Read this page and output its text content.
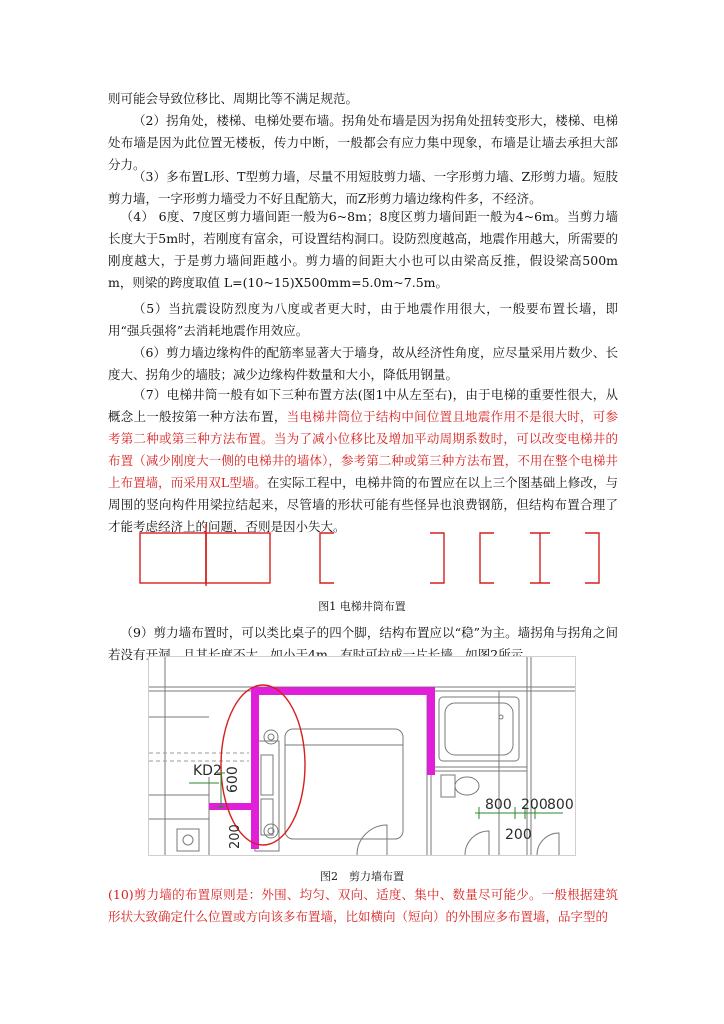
则可能会导致位移比、周期比等不满足规范。

（2）拐角处，楼梯、电梯处要布墙。拐角处布墙是因为拐角处扭转变形大，楼梯、电梯处布墙是因为此位置无楼板，传力中断，一般都会有应力集中现象，布墙是让墙去承担大部分力。

（3）多布置L形、T型剪力墙，尽量不用短肢剪力墙、一字形剪力墙、Z形剪力墙。短肢剪力墙，一字形剪力墙受力不好且配筋大，而Z形剪力墙边缘构件多，不经济。

（4） 6度、7度区剪力墙间距一般为6~8m；8度区剪力墙间距一般为4~6m。当剪力墙长度大于5m时，若刚度有富余，可设置结构洞口。设防烈度越高，地震作用越大，所需要的刚度越大，于是剪力墙间距越小。剪力墙的间距大小也可以由梁高反推，假设梁高500mm，则梁的跨度取值 L=(10~15)X500mm=5.0m~7.5m。

（5）当抗震设防烈度为八度或者更大时，由于地震作用很大，一般要布置长墙，即用“强兵强将”去消耗地震作用效应。

（6）剪力墙边缘构件的配筋率显著大于墙身，故从经济性角度，应尽量采用片数少、长度大、拐角少的墙肢；减少边缘构件数量和大小，降低用钢量。

（7）电梯井筒一般有如下三种布置方法(图1中从左至右)，由于电梯的重要性很大，从概念上一般按第一种方法布置，当电梯井筒位于结构中间位置且地震作用不是很大时，可参考第二种或第三种方法布置。当为了减小位移比及增加平动周期系数时，可以改变电梯井的布置（减少刚度大一侧的电梯井的墙体），参考第二种或第三种方法布置，不用在整个电梯井上布置墙，而采用双L型墙。在实际工程中，电梯井筒的布置应在以上三个图基础上修改，与周围的竖向构件用梁拉结起来，尽管墙的形状可能有些怪异也浪费钢筋，但结构布置合理了才能考虑经济上的问题，否则是因小失大。

图1 电梯井筒布置

（9）剪力墙布置时，可以类比桌子的四个脚，结构布置应以“稳”为主。墙拐角与拐角之间若没有开洞，且其长度不大，如小于4m，有时可拉成一片长墙。如图2所示。

KD2 600
200
800 200 800
200
图2　剪力墙布置

(10)剪力墙的布置原则是：外围、均匀、双向、适度、集中、数量尽可能少。一般根据建筑形状大致确定什么位置或方向该多布置墙，比如横向（短向）的外围应多布置墙，品字型的
